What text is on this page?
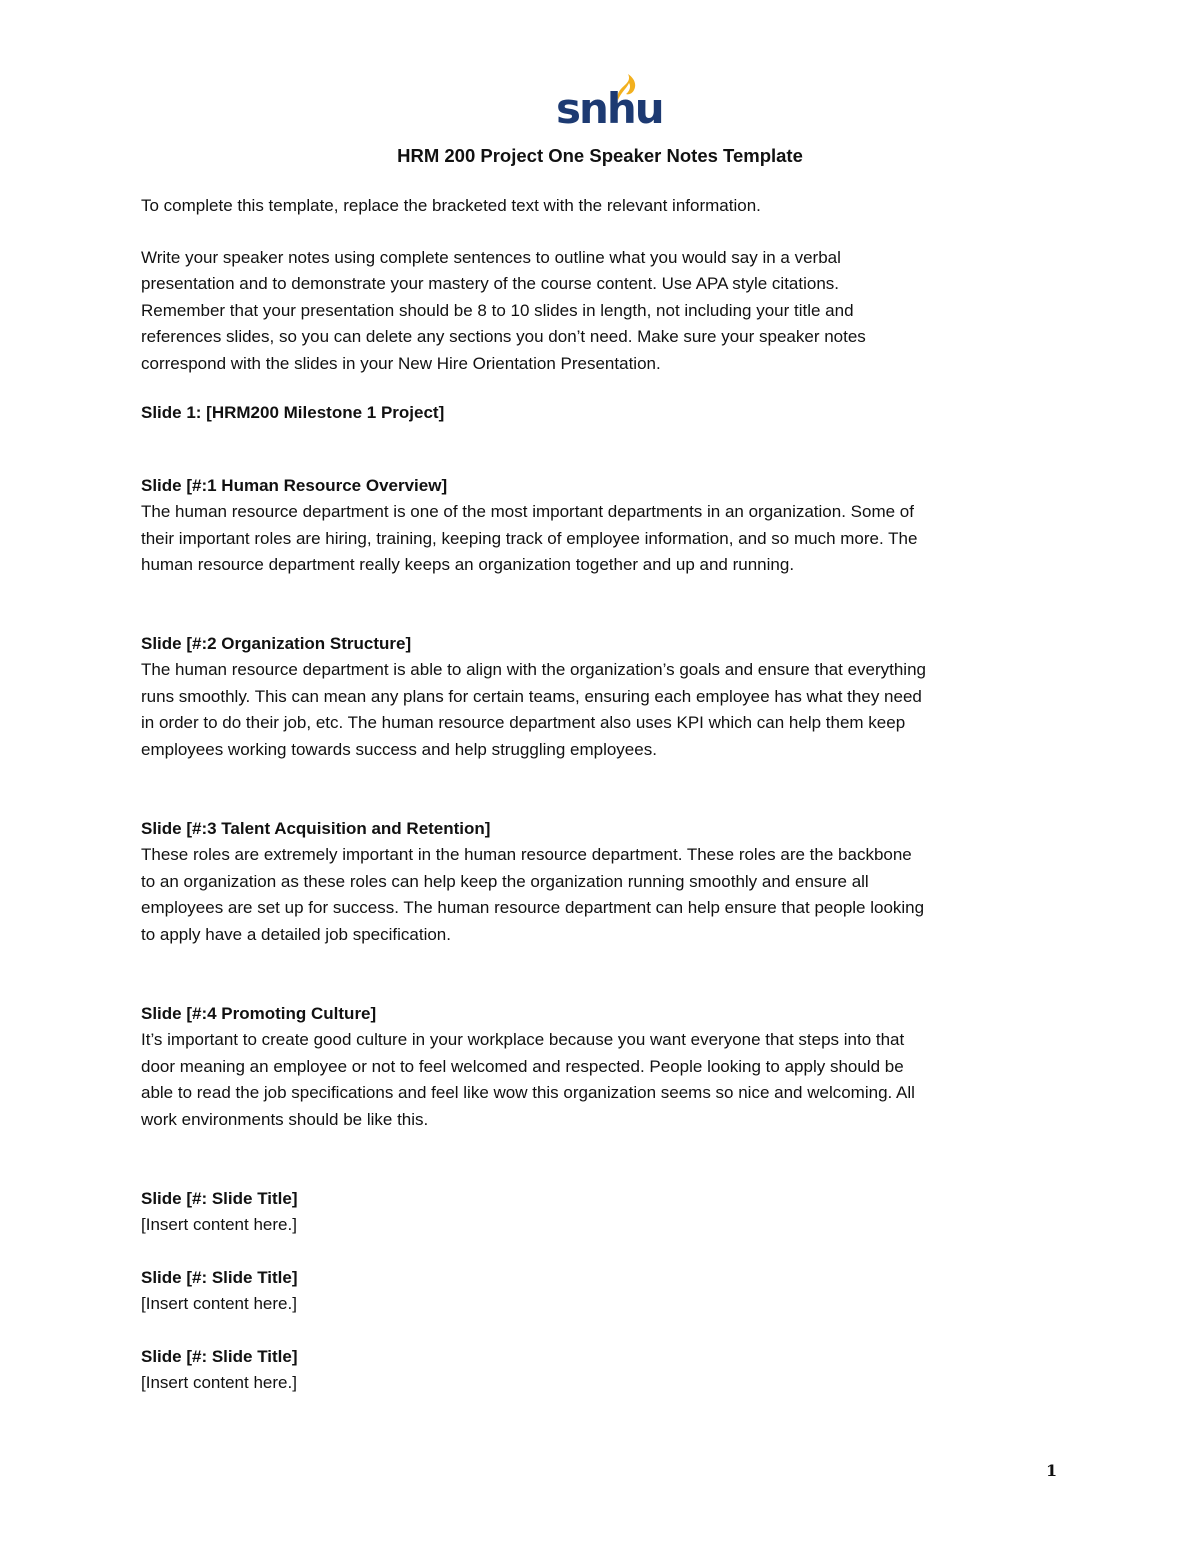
snhu
HRM 200 Project One Speaker Notes Template

To complete this template, replace the bracketed text with the relevant information.

Write your speaker notes using complete sentences to outline what you would say in a verbal
presentation and to demonstrate your mastery of the course content. Use APA style citations.
Remember that your presentation should be 8 to 10 slides in length, not including your title and
references slides, so you can delete any sections you don’t need. Make sure your speaker notes
correspond with the slides in your New Hire Orientation Presentation.

Slide 1: [HRM200 Milestone 1 Project]

Slide [#:1 Human Resource Overview]
The human resource department is one of the most important departments in an organization. Some of
their important roles are hiring, training, keeping track of employee information, and so much more. The
human resource department really keeps an organization together and up and running.
Slide [#:2 Organization Structure]
The human resource department is able to align with the organization’s goals and ensure that everything
runs smoothly. This can mean any plans for certain teams, ensuring each employee has what they need
in order to do their job, etc. The human resource department also uses KPI which can help them keep
employees working towards success and help struggling employees.
Slide [#:3 Talent Acquisition and Retention]
These roles are extremely important in the human resource department. These roles are the backbone
to an organization as these roles can help keep the organization running smoothly and ensure all
employees are set up for success. The human resource department can help ensure that people looking
to apply have a detailed job specification.
Slide [#:4 Promoting Culture]
It’s important to create good culture in your workplace because you want everyone that steps into that
door meaning an employee or not to feel welcomed and respected. People looking to apply should be
able to read the job specifications and feel like wow this organization seems so nice and welcoming. All
work environments should be like this.
Slide [#: Slide Title]
[Insert content here.]
Slide [#: Slide Title]
[Insert content here.]
Slide [#: Slide Title]
[Insert content here.]
1
